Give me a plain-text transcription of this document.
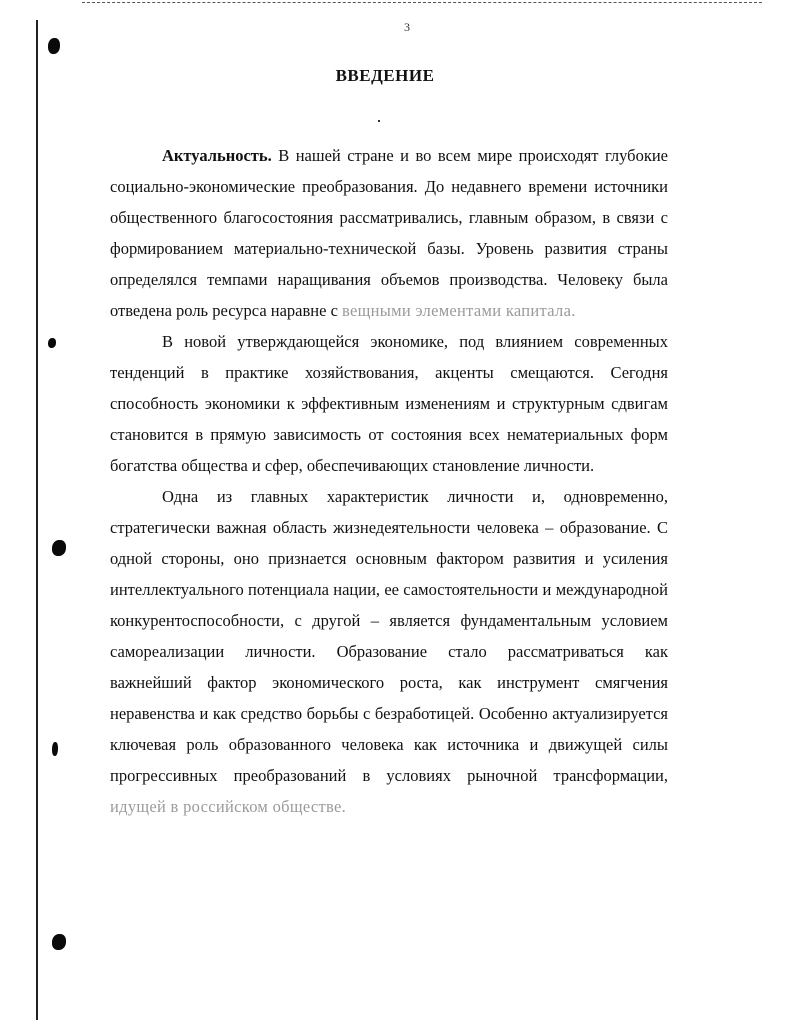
3
ВВЕДЕНИЕ

Актуальность. В нашей стране и во всем мире происходят глубокие социально-экономические преобразования. До недавнего времени источники общественного благосостояния рассматривались, главным образом, в связи с формированием материально-технической базы. Уровень развития страны определялся темпами наращивания объемов производства. Человеку была отведена роль ресурса наравне с вещными элементами капитала.

В новой утверждающейся экономике, под влиянием современных тенденций в практике хозяйствования, акценты смещаются. Сегодня способность экономики к эффективным изменениям и структурным сдвигам становится в прямую зависимость от состояния всех нематериальных форм богатства общества и сфер, обеспечивающих становление личности.

Одна из главных характеристик личности и, одновременно, стратегически важная область жизнедеятельности человека – образование. С одной стороны, оно признается основным фактором развития и усиления интеллектуального потенциала нации, ее самостоятельности и международной конкурентоспособности, с другой – является фундаментальным условием самореализации личности. Образование стало рассматриваться как важнейший фактор экономического роста, как инструмент смягчения неравенства и как средство борьбы с безработицей. Особенно актуализируется ключевая роль образованного человека как источника и движущей силы прогрессивных преобразований в условиях рыночной трансформации, идущей в российском обществе.
